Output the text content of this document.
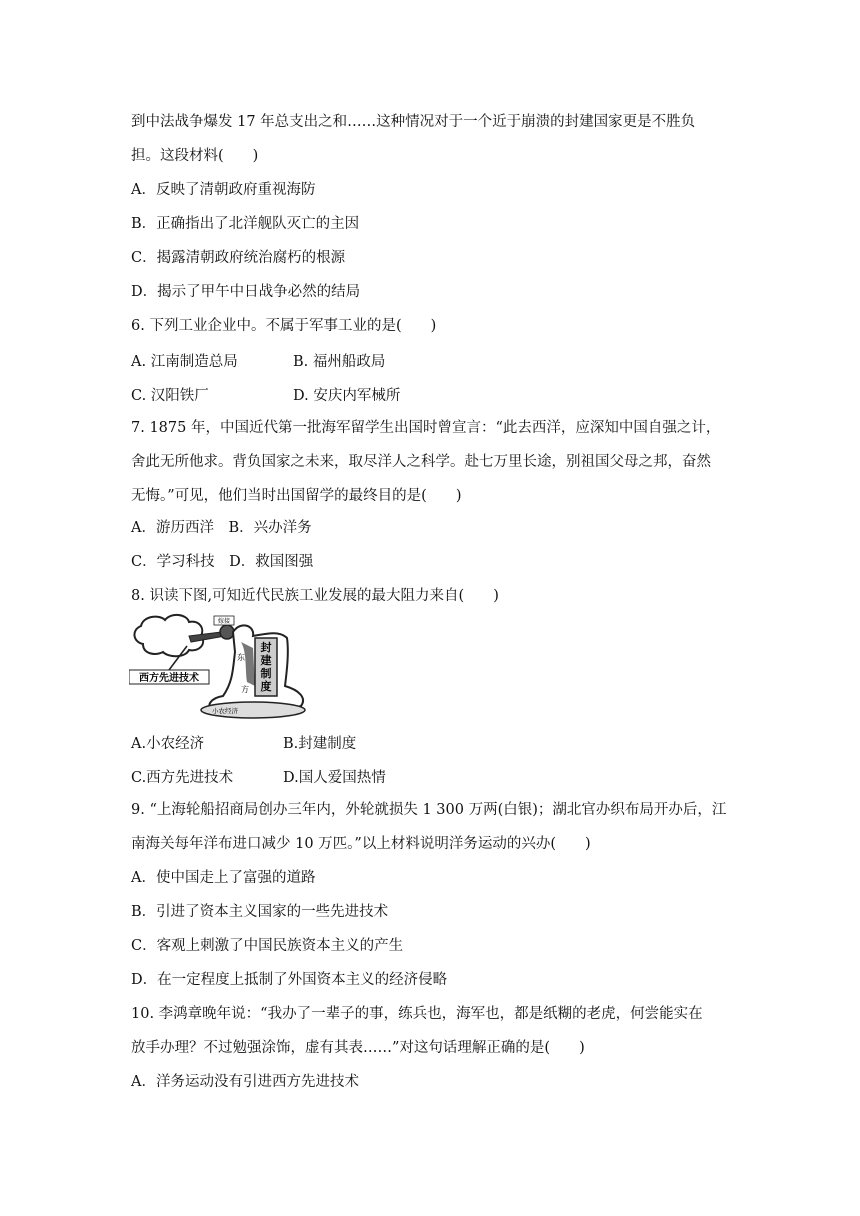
到中法战争爆发 17 年总支出之和……这种情况对于一个近于崩溃的封建国家更是不胜负
担。这段材料(　　)
A．反映了清朝政府重视海防
B．正确指出了北洋舰队灭亡的主因
C．揭露清朝政府统治腐朽的根源
D．揭示了甲午中日战争必然的结局
6. 下列工业企业中。不属于军事工业的是(　　)
A. 江南制造总局	B. 福州船政局
C. 汉阳铁厂	D. 安庆内军械所
7. 1875 年，中国近代第一批海军留学生出国时曾宣言：“此去西洋，应深知中国自强之计，
舍此无所他求。背负国家之未来，取尽洋人之科学。赴七万里长途，别祖国父母之邦，奋然
无悔。”可见，他们当时出国留学的最终目的是(　　)
A．游历西洋　B．兴办洋务
C．学习科技　D．救国图强
8. 识读下图,可知近代民族工业发展的最大阻力来自(　　)
西方先进技术
嫁接
东
方
封
建
制
度
小农经济
A.小农经济	B.封建制度
C.西方先进技术	D.国人爱国热情
9. “上海轮船招商局创办三年内，外轮就损失 1 300 万两(白银)；湖北官办织布局开办后，江
南海关每年洋布进口减少 10 万匹。”以上材料说明洋务运动的兴办(　　)
A．使中国走上了富强的道路
B．引进了资本主义国家的一些先进技术
C．客观上刺激了中国民族资本主义的产生
D．在一定程度上抵制了外国资本主义的经济侵略
10. 李鸿章晚年说：“我办了一辈子的事，练兵也，海军也，都是纸糊的老虎，何尝能实在
放手办理？不过勉强涂饰，虚有其表……”对这句话理解正确的是(　　)
A．洋务运动没有引进西方先进技术
